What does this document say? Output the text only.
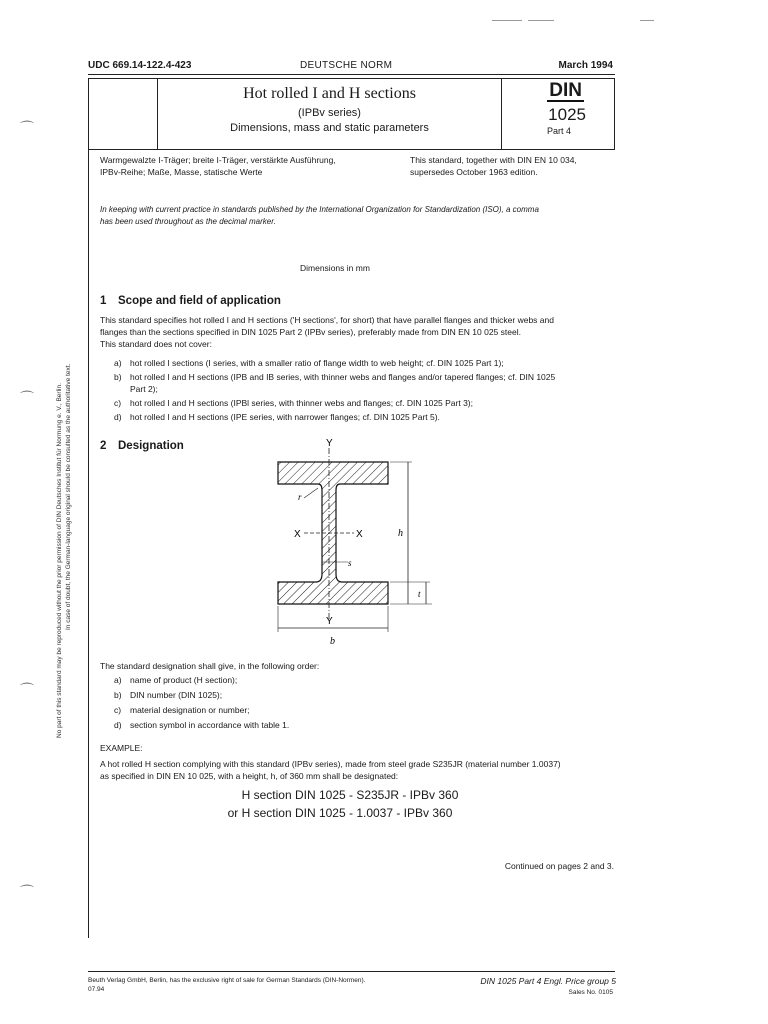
UDC 669.14-122.4-423	DEUTSCHE NORM	March 1994
Hot rolled I and H sections
(IPBv series)
Dimensions, mass and static parameters
DIN
1025
Part 4
⌒
⌒
⌒
⌒
No part of this standard may be reproduced without the prior permission of DIN Deutsches Institut für Normung e. V., Berlin. In case of doubt, the German-language original should be consulted as the authoritative text.
Warmgewalzte I-Träger; breite I-Träger, verstärkte Ausführung,
IPBv-Reihe; Maße, Masse, statische Werte
This standard, together with DIN EN 10 034,
supersedes October 1963 edition.
In keeping with current practice in standards published by the International Organization for Standardization (ISO), a comma
has been used throughout as the decimal marker.
Dimensions in mm
1 Scope and field of application
This standard specifies hot rolled I and H sections ('H sections', for short) that have parallel flanges and thicker webs and
flanges than the sections specified in DIN 1025 Part 2 (IPBv series), preferably made from DIN EN 10 025 steel.
This standard does not cover:
a) hot rolled I sections (I series, with a smaller ratio of flange width to web height; cf. DIN 1025 Part 1);
b) hot rolled I and H sections (IPB and IB series, with thinner webs and flanges and/or tapered flanges; cf. DIN 1025
Part 2);
c) hot rolled I and H sections (IPBl series, with thinner webs and flanges; cf. DIN 1025 Part 3);
d) hot rolled I and H sections (IPE series, with narrower flanges; cf. DIN 1025 Part 5).
2 Designation	Y
Y
X	X	h
s
t
b
r
The standard designation shall give, in the following order:
a) name of product (H section);
b) DIN number (DIN 1025);
c) material designation or number;
d) section symbol in accordance with table 1.
EXAMPLE:
A hot rolled H section complying with this standard (IPBv series), made from steel grade S235JR (material number 1.0037)
as specified in DIN EN 10 025, with a height, h, of 360 mm shall be designated:
H section DIN 1025 - S235JR - IPBv 360
or H section DIN 1025 - 1.0037 - IPBv 360
Continued on pages 2 and 3.
Beuth Verlag GmbH, Berlin, has the exclusive right of sale for German Standards (DIN-Normen).
07.94
DIN 1025 Part 4 Engl. Price group 5
Sales No. 0105
